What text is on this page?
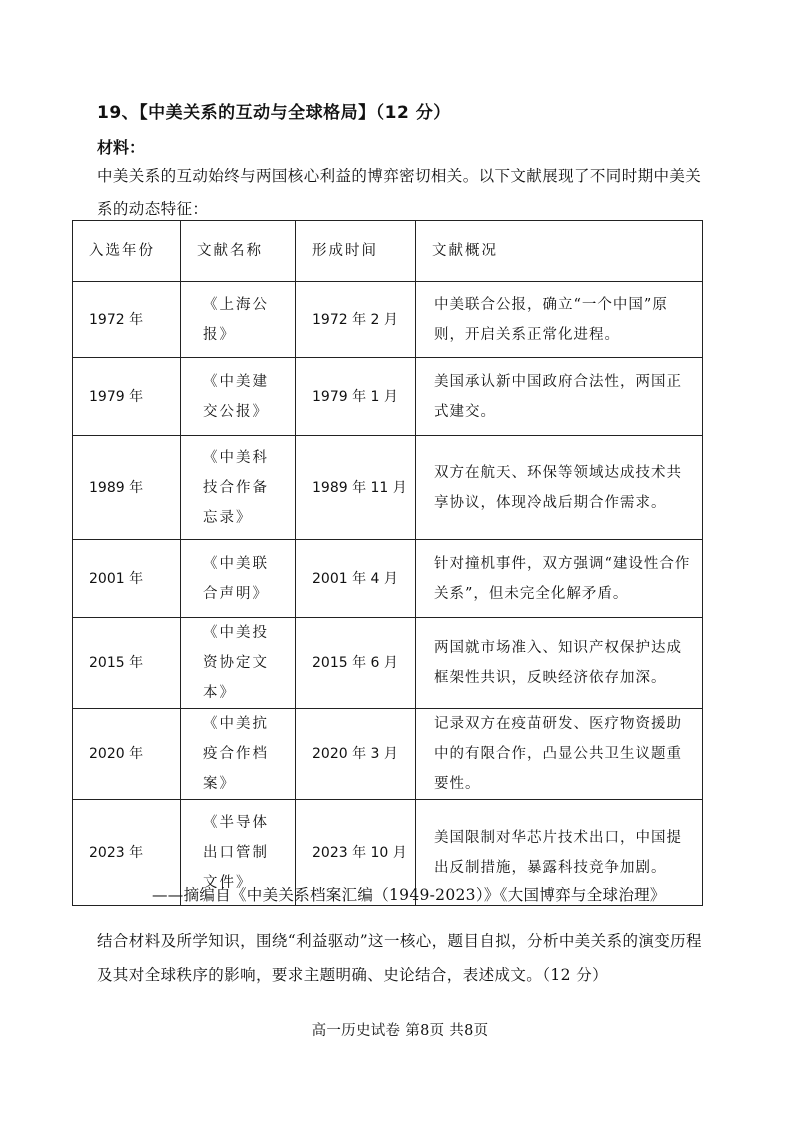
19、【中美关系的互动与全球格局】（12 分）
材料：
中美关系的互动始终与两国核心利益的博弈密切相关。以下文献展现了不同时期中美关系的动态特征：
入选年份	文献名称	形成时间	文献概况
1972 年	《上海公报》	1972 年 2 月	中美联合公报，确立“一个中国”原则，开启关系正常化进程。
1979 年	《中美建交公报》	1979 年 1 月	美国承认新中国政府合法性，两国正式建交。
1989 年	《中美科技合作备忘录》	1989 年 11 月	双方在航天、环保等领域达成技术共享协议，体现冷战后期合作需求。
2001 年	《中美联合声明》	2001 年 4 月	针对撞机事件，双方强调“建设性合作关系”，但未完全化解矛盾。
2015 年	《中美投资协定文本》	2015 年 6 月	两国就市场准入、知识产权保护达成框架性共识，反映经济依存加深。
2020 年	《中美抗疫合作档案》	2020 年 3 月	记录双方在疫苗研发、医疗物资援助中的有限合作，凸显公共卫生议题重要性。
2023 年	《半导体出口管制文件》	2023 年 10 月	美国限制对华芯片技术出口，中国提出反制措施，暴露科技竞争加剧。
——摘编自《中美关系档案汇编（1949-2023）》《大国博弈与全球治理》
结合材料及所学知识，围绕“利益驱动”这一核心，题目自拟，分析中美关系的演变历程及其对全球秩序的影响，要求主题明确、史论结合，表述成文。（12 分）
高一历史试卷 第8页 共8页
